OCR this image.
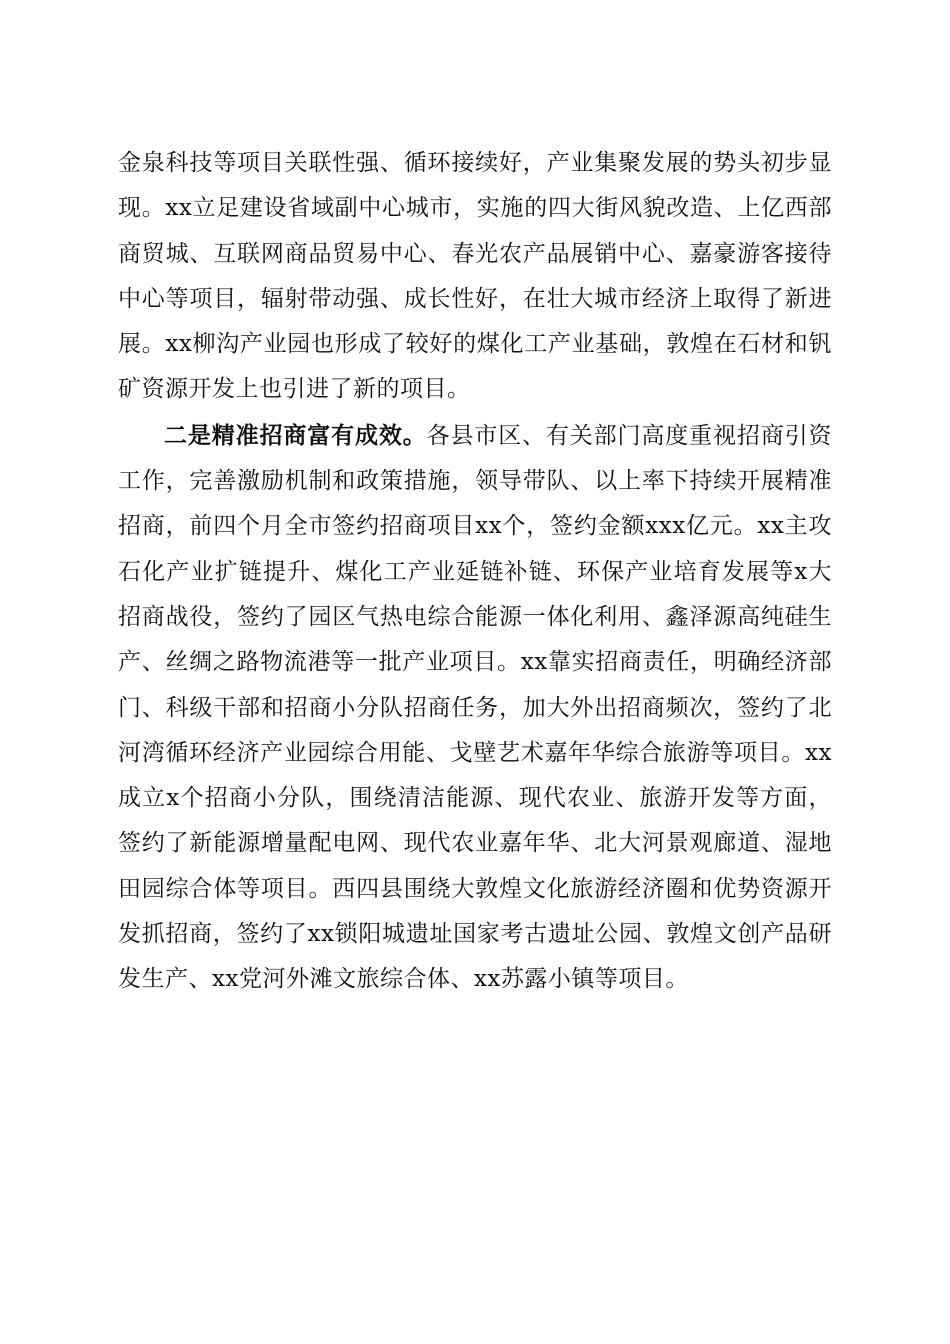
金泉科技等项目关联性强、循环接续好，产业集聚发展的势头初步显现。xx立足建设省域副中心城市，实施的四大街风貌改造、上亿西部商贸城、互联网商品贸易中心、春光农产品展销中心、嘉豪游客接待中心等项目，辐射带动强、成长性好，在壮大城市经济上取得了新进展。xx柳沟产业园也形成了较好的煤化工产业基础，敦煌在石材和钒矿资源开发上也引进了新的项目。

二是精准招商富有成效。各县市区、有关部门高度重视招商引资工作，完善激励机制和政策措施，领导带队、以上率下持续开展精准招商，前四个月全市签约招商项目xx个，签约金额xxx亿元。xx主攻石化产业扩链提升、煤化工产业延链补链、环保产业培育发展等x大招商战役，签约了园区气热电综合能源一体化利用、鑫泽源高纯硅生产、丝绸之路物流港等一批产业项目。xx靠实招商责任，明确经济部门、科级干部和招商小分队招商任务，加大外出招商频次，签约了北河湾循环经济产业园综合用能、戈壁艺术嘉年华综合旅游等项目。xx成立x个招商小分队，围绕清洁能源、现代农业、旅游开发等方面，签约了新能源增量配电网、现代农业嘉年华、北大河景观廊道、湿地田园综合体等项目。西四县围绕大敦煌文化旅游经济圈和优势资源开发抓招商，签约了xx锁阳城遗址国家考古遗址公园、敦煌文创产品研发生产、xx党河外滩文旅综合体、xx苏露小镇等项目。
